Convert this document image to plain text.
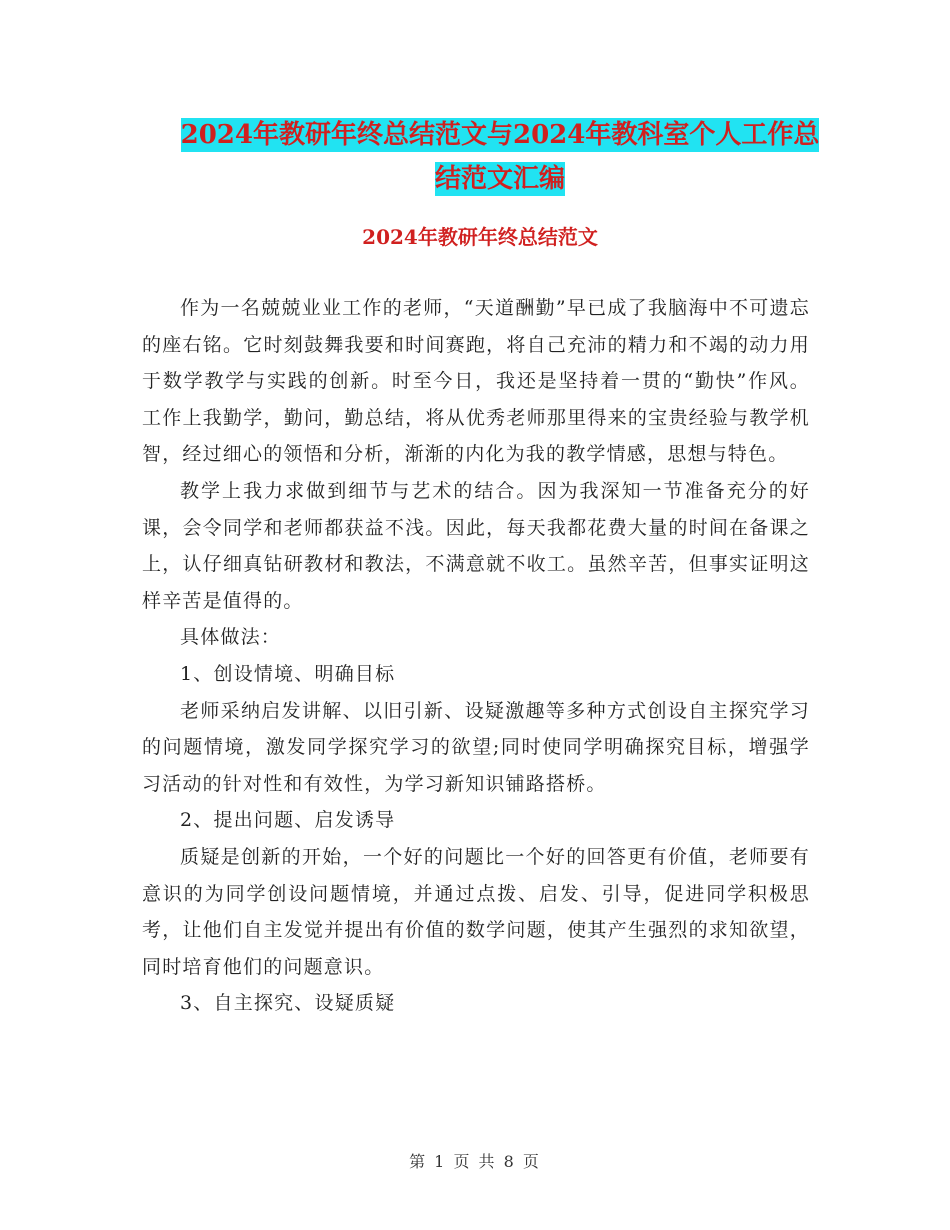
2024年教研年终总结范文与2024年教科室个人工作总
结范文汇编
2024年教研年终总结范文

作为一名兢兢业业工作的老师，“天道酬勤”早已成了我脑海中不可遗忘的座右铭。它时刻鼓舞我要和时间赛跑，将自己充沛的精力和不竭的动力用于数学教学与实践的创新。时至今日，我还是坚持着一贯的“勤快”作风。工作上我勤学，勤问，勤总结，将从优秀老师那里得来的宝贵经验与教学机智，经过细心的领悟和分析，渐渐的内化为我的教学情感，思想与特色。

教学上我力求做到细节与艺术的结合。因为我深知一节准备充分的好课，会令同学和老师都获益不浅。因此，每天我都花费大量的时间在备课之上，认仔细真钻研教材和教法，不满意就不收工。虽然辛苦，但事实证明这样辛苦是值得的。

具体做法：

1、创设情境、明确目标

老师采纳启发讲解、以旧引新、设疑激趣等多种方式创设自主探究学习的问题情境，激发同学探究学习的欲望;同时使同学明确探究目标，增强学习活动的针对性和有效性，为学习新知识铺路搭桥。

2、提出问题、启发诱导

质疑是创新的开始，一个好的问题比一个好的回答更有价值，老师要有意识的为同学创设问题情境，并通过点拨、启发、引导，促进同学积极思考，让他们自主发觉并提出有价值的数学问题，使其产生强烈的求知欲望，同时培育他们的问题意识。

3、自主探究、设疑质疑

第 1 页 共 8 页
